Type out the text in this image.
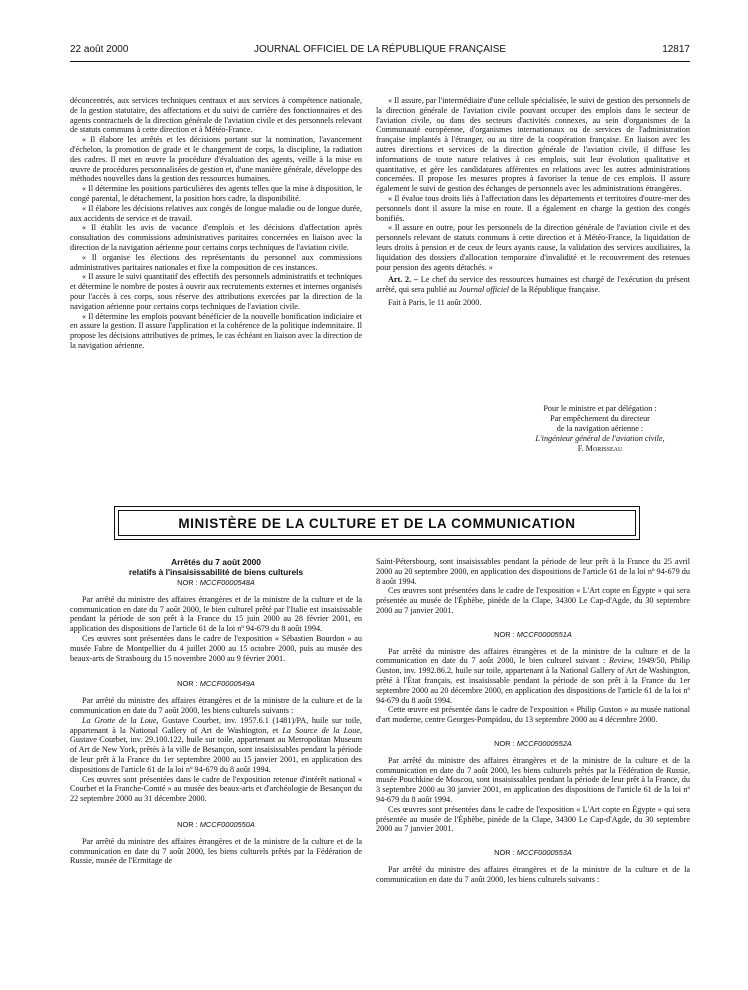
22 août 2000	JOURNAL OFFICIEL DE LA RÉPUBLIQUE FRANÇAISE	12817

déconcentrés, aux services techniques centraux et aux services à compétence nationale, de la gestion statutaire, des affectations et du suivi de carrière des fonctionnaires et des agents contractuels de la direction générale de l'aviation civile et des personnels relevant de statuts communs à cette direction et à Météo-France.

« Il élabore les arrêtés et les décisions portant sur la nomination, l'avancement d'échelon, la promotion de grade et le changement de corps, la discipline, la radiation des cadres. Il met en œuvre la procédure d'évaluation des agents, veille à la mise en œuvre de procédures personnalisées de gestion et, d'une manière générale, développe des méthodes nouvelles dans la gestion des ressources humaines.

« Il détermine les positions particulières des agents telles que la mise à disposition, le congé parental, le détachement, la position hors cadre, la disponibilité.

« Il élabore les décisions relatives aux congés de longue maladie ou de longue durée, aux accidents de service et de travail.

« Il établit les avis de vacance d'emplois et les décisions d'affectation après consultation des commissions administratives paritaires concernées en liaison avec la direction de la navigation aérienne pour certains corps techniques de l'aviation civile.

« Il organise les élections des représentants du personnel aux commissions administratives paritaires nationales et fixe la composition de ces instances.

« Il assure le suivi quantitatif des effectifs des personnels administratifs et techniques et détermine le nombre de postes à ouvrir aux recrutements externes et internes organisés pour l'accès à ces corps, sous réserve des attributions exercées par la direction de la navigation aérienne pour certains corps techniques de l'aviation civile.

« Il détermine les emplois pouvant bénéficier de la nouvelle bonification indiciaire et en assure la gestion. Il assure l'application et la cohérence de la politique indemnitaire. Il propose les décisions attributives de primes, le cas échéant en liaison avec la direction de la navigation aérienne.

« Il assure, par l'intermédiaire d'une cellule spécialisée, le suivi de gestion des personnels de la direction générale de l'aviation civile pouvant occuper des emplois dans le secteur de l'aviation civile, ou dans des secteurs d'activités connexes, au sein d'organismes de la Communauté européenne, d'organismes internationaux ou de services de l'administration française implantés à l'étranger, ou au titre de la coopération française. En liaison avec les autres directions et services de la direction générale de l'aviation civile, il diffuse les informations de toute nature relatives à ces emplois, suit leur évolution qualitative et quantitative, et gère les candidatures afférentes en relations avec les autres administrations concernées. Il propose les mesures propres à favoriser la tenue de ces emplois. Il assure également le suivi de gestion des échanges de personnels avec les administrations étrangères.

« Il évalue tous droits liés à l'affectation dans les départements et territoires d'outre-mer des personnels dont il assure la mise en route. Il a également en charge la gestion des congés bonifiés.

« Il assure en outre, pour les personnels de la direction générale de l'aviation civile et des personnels relevant de statuts communs à cette direction et à Météo-France, la liquidation de leurs droits à pension et de ceux de leurs ayants cause, la validation des services auxiliaires, la liquidation des dossiers d'allocation temporaire d'invalidité et le recouvrement des retenues pour pension des agents détachés. »

Art. 2. – Le chef du service des ressources humaines est chargé de l'exécution du présent arrêté, qui sera publié au Journal officiel de la République française.

Fait à Paris, le 11 août 2000.

Pour le ministre et par délégation :
Par empêchement du directeur
de la navigation aérienne :
L'ingénieur général de l'aviation civile,
F. Morisseau
MINISTÈRE DE LA CULTURE ET DE LA COMMUNICATION
Arrêtés du 7 août 2000
relatifs à l'insaisissabilité de biens culturels
NOR : MCCF0000548A

Par arrêté du ministre des affaires étrangères et de la ministre de la culture et de la communication en date du 7 août 2000, le bien culturel prêté par l'Italie est insaisissable pendant la période de son prêt à la France du 15 juin 2000 au 28 février 2001, en application des dispositions de l'article 61 de la loi nº 94-679 du 8 août 1994.

Ces œuvres sont présentées dans le cadre de l'exposition « Sébastien Bourdon » au musée Fabre de Montpellier du 4 juillet 2000 au 15 octobre 2000, puis au musée des beaux-arts de Strasbourg du 15 novembre 2000 au 9 février 2001.

NOR : MCCF0000549A

Par arrêté du ministre des affaires étrangères et de la ministre de la culture et de la communication en date du 7 août 2000, les biens culturels suivants :

La Grotte de la Loue, Gustave Courbet, inv. 1957.6.1 (1481)/PA, huile sur toile, appartenant à la National Gallery of Art de Washington, et La Source de la Loue, Gustave Courbet, inv. 29.100.122, huile sur toile, appartenant au Metropolitan Museum of Art de New York, prêtés à la ville de Besançon, sont insaisissables pendant la période de leur prêt à la France du 1er septembre 2000 au 15 janvier 2001, en application des dispositions de l'article 61 de la loi nº 94-679 du 8 août 1994.

Ces œuvres sont présentées dans le cadre de l'exposition retenue d'intérêt national « Courbet et la Franche-Comté » au musée des beaux-arts et d'archéologie de Besançon du 22 septembre 2000 au 31 décembre 2000.

NOR : MCCF0000550A

Par arrêté du ministre des affaires étrangères et de la ministre de la culture et de la communication en date du 7 août 2000, les biens culturels prêtés par la Fédération de Russie, musée de l'Ermitage de

Saint-Pétersbourg, sont insaisissables pendant la période de leur prêt à la France du 25 avril 2000 au 20 septembre 2000, en application des dispositions de l'article 61 de la loi nº 94-679 du 8 août 1994.

Ces œuvres sont présentées dans le cadre de l'exposition « L'Art copte en Égypte » qui sera présentée au musée de l'Éphèbe, pinède de la Clape, 34300 Le Cap-d'Agde, du 30 septembre 2000 au 7 janvier 2001.

NOR : MCCF0000551A

Par arrêté du ministre des affaires étrangères et de la ministre de la culture et de la communication en date du 7 août 2000, le bien culturel suivant : Review, 1949/50, Philip Guston, inv. 1992.86.2, huile sur toile, appartenant à la National Gallery of Art de Washington, prêté à l'État français, est insaisissable pendant la période de son prêt à la France du 1er septembre 2000 au 20 décembre 2000, en application des dispositions de l'article 61 de la loi nº 94-679 du 8 août 1994.

Cette œuvre est présentée dans le cadre de l'exposition « Philip Guston » au musée national d'art moderne, centre Georges-Pompidou, du 13 septembre 2000 au 4 décembre 2000.

NOR : MCCF0000552A

Par arrêté du ministre des affaires étrangères et de la ministre de la culture et de la communication en date du 7 août 2000, les biens culturels prêtés par la Fédération de Russie, musée Pouchkine de Moscou, sont insaisissables pendant la période de leur prêt à la France, du 3 septembre 2000 au 30 janvier 2001, en application des dispositions de l'article 61 de la loi nº 94-679 du 8 août 1994.

Ces œuvres sont présentées dans le cadre de l'exposition « L'Art copte en Égypte » qui sera présentée au musée de l'Éphèbe, pinède de la Clape, 34300 Le Cap-d'Agde, du 30 septembre 2000 au 7 janvier 2001.

NOR : MCCF0000553A

Par arrêté du ministre des affaires étrangères et de la ministre de la culture et de la communication en date du 7 août 2000, les biens culturels suivants :
